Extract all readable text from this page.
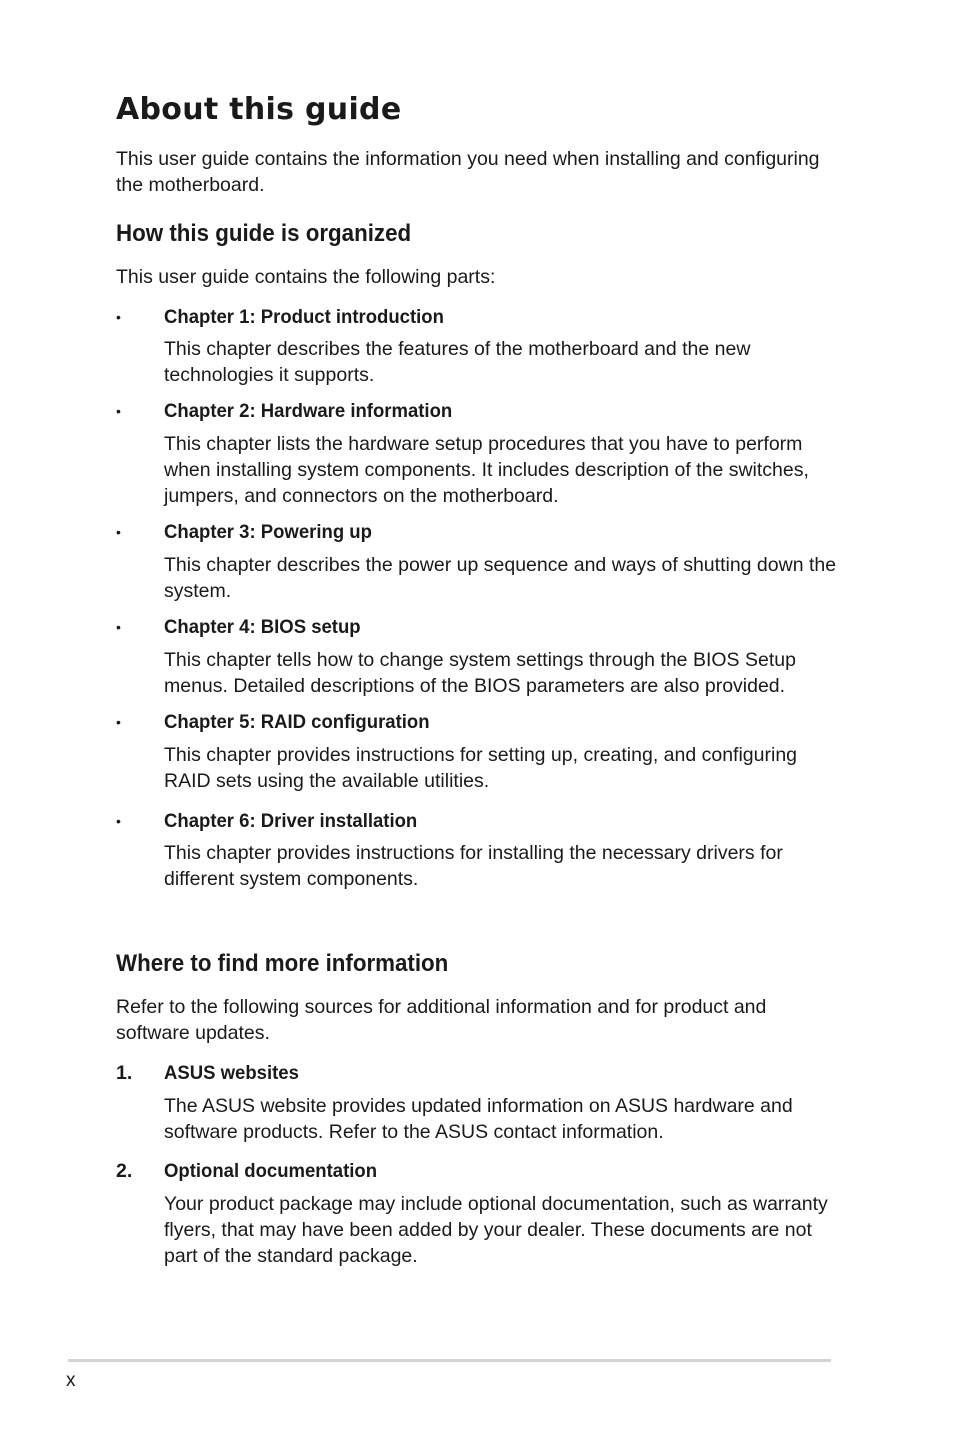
About this guide

This user guide contains the information you need when installing and configuring the motherboard.

How this guide is organized

This user guide contains the following parts:

• Chapter 1: Product introduction

This chapter describes the features of the motherboard and the new technologies it supports.

• Chapter 2: Hardware information

This chapter lists the hardware setup procedures that you have to perform when installing system components. It includes description of the switches, jumpers, and connectors on the motherboard.

• Chapter 3: Powering up

This chapter describes the power up sequence and ways of shutting down the system.

• Chapter 4: BIOS setup

This chapter tells how to change system settings through the BIOS Setup menus. Detailed descriptions of the BIOS parameters are also provided.

• Chapter 5: RAID configuration

This chapter provides instructions for setting up, creating, and configuring RAID sets using the available utilities.

• Chapter 6: Driver installation

This chapter provides instructions for installing the necessary drivers for different system components.

Where to find more information

Refer to the following sources for additional information and for product and software updates.

1. ASUS websites

The ASUS website provides updated information on ASUS hardware and software products. Refer to the ASUS contact information.

2. Optional documentation

Your product package may include optional documentation, such as warranty flyers, that may have been added by your dealer. These documents are not part of the standard package.

x
